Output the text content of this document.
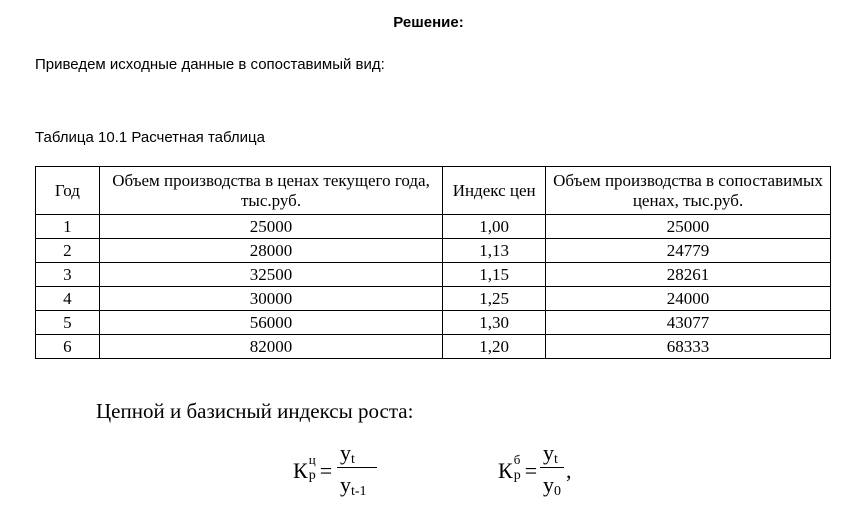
Решение:
Приведем исходные данные в сопоставимый вид:
Таблица 10.1 Расчетная таблица
Год	Объем производства в ценах текущего года, тыс.руб.	Индекс цен	Объем производства в сопоставимых ценах, тыс.руб.
1	25000	1,00	25000
2	28000	1,13	24779
3	32500	1,15	28261
4	30000	1,25	24000
5	56000	1,30	43077
6	82000	1,20	68333
Цепной и базисный индексы роста:
К ц
р =
$y_t$
$y_{t-1}$
К б
р =
$y_t$
$y_0$
,
